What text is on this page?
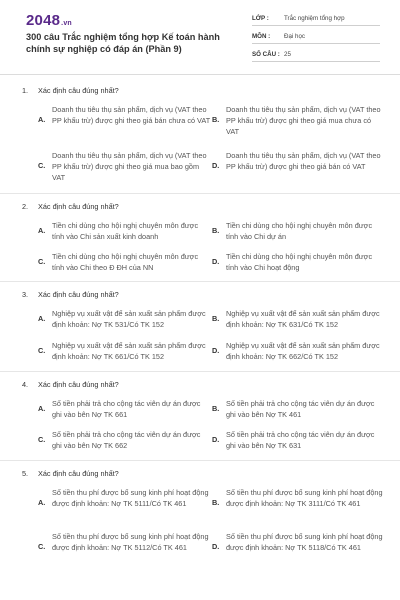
2048.vn
300 câu Trắc nghiệm tổng hợp Kế toán hành chính sự nghiệp có đáp án (Phần 9)
LỚP : Trắc nghiệm tổng hợp
MÔN : Đại học
SỐ CÂU : 25
1. Xác định câu đúng nhất?
A.
Doanh thu tiêu thụ sản phẩm, dịch vụ (VAT theo PP khấu trừ) được ghi theo giá bán chưa có VAT B.
Doanh thu tiêu thụ sản phẩm, dịch vụ (VAT theo PP khấu trừ) được ghi theo giá mua chưa có VAT
C.
Doanh thu tiêu thụ sản phẩm, dịch vụ (VAT theo PP khấu trừ) được ghi theo giá mua bao gồm VAT
D.
Doanh thu tiêu thụ sản phẩm, dịch vụ (VAT theo PP khấu trừ) được ghi theo giá bán có VAT
2. Xác định câu đúng nhất?
A.
Tiền chi dùng cho hội nghị chuyên môn được tính vào Chi sản xuất kinh doanh
B.
Tiền chi dùng cho hội nghị chuyên môn được tính vào Chi dự án
C.
Tiền chi dùng cho hội nghị chuyên môn được tính vào Chi theo Đ ĐH của NN
D.
Tiền chi dùng cho hội nghị chuyên môn được tính vào Chi hoạt động
3. Xác định câu đúng nhất?
A.
Nghiệp vụ xuất vật để sản xuất sản phẩm được định khoản: Nợ TK 531/Có TK 152
B.
Nghiệp vụ xuất vật để sản xuất sản phẩm được định khoản: Nợ TK 631/Có TK 152
C.
Nghiệp vụ xuất vật để sản xuất sản phẩm được định khoản: Nợ TK 661/Có TK 152
D.
Nghiệp vụ xuất vật để sản xuất sản phẩm được định khoản: Nợ TK 662/Có TK 152
4. Xác định câu đúng nhất?
A.
Số tiền phải trả cho cộng tác viên dự án được ghi vào bên Nợ TK 661
B.
Số tiền phải trả cho cộng tác viên dự án được ghi vào bên Nợ TK 461
C.
Số tiền phải trả cho cộng tác viên dự án được ghi vào bên Nợ TK 662
D.
Số tiền phải trả cho cộng tác viên dự án được ghi vào bên Nợ TK 631
5. Xác định câu đúng nhất?
A.
Số tiền thu phí được bổ sung kinh phí hoạt động được định khoản: Nợ TK 5111/Có TK 461	B.
Số tiền thu phí được bổ sung kinh phí hoạt động được định khoản: Nợ TK 3111/Có TK 461
C.
Số tiền thu phí được bổ sung kinh phí hoạt động được định khoản: Nợ TK 5112/Có TK 461	D.
Số tiền thu phí được bổ sung kinh phí hoạt động được định khoản: Nợ TK 5118/Có TK 461
